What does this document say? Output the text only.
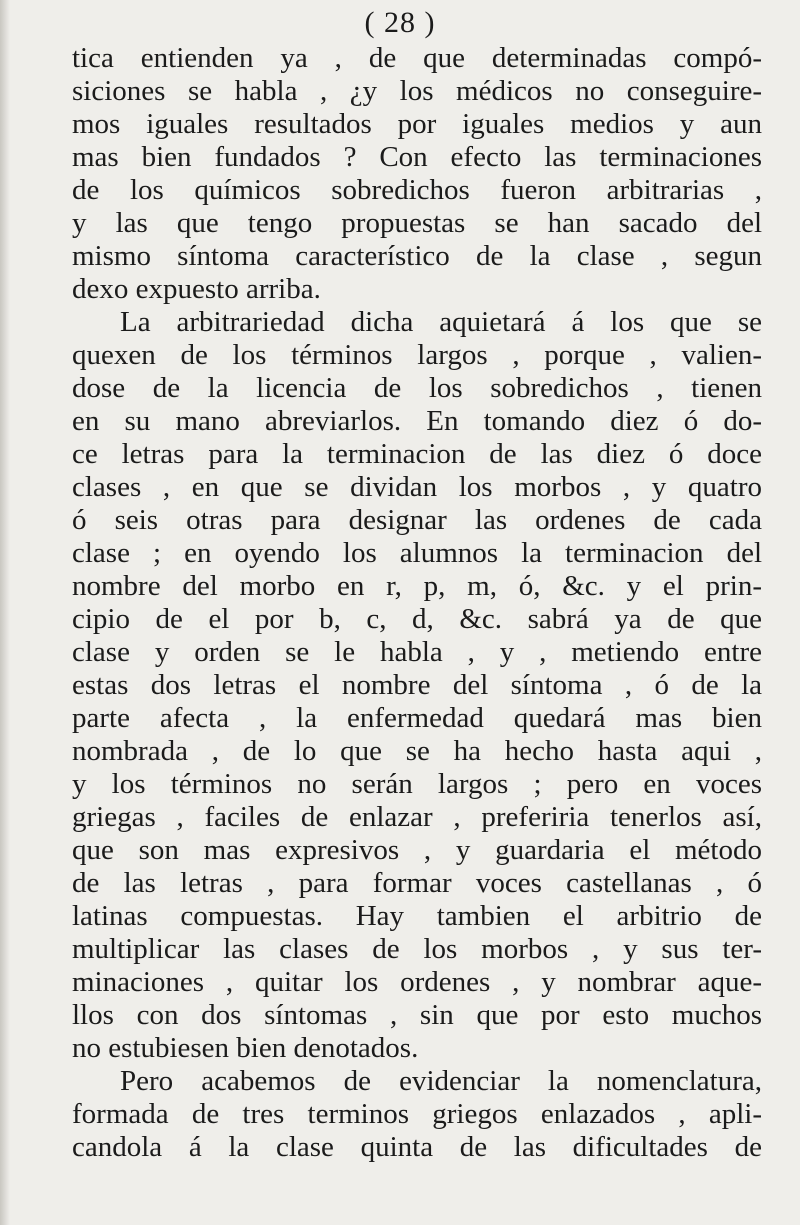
( 28 )
tica entienden ya , de que determinadas compó-
siciones se habla , ¿y los médicos no conseguire-
mos iguales resultados por iguales medios y aun
mas bien fundados ? Con efecto las terminaciones
de los químicos sobredichos fueron arbitrarias ,
y las que tengo propuestas se han sacado del
mismo síntoma característico de la clase , segun
dexo expuesto arriba.
La arbitrariedad dicha aquietará á los que se
quexen de los términos largos , porque , valien-
dose de la licencia de los sobredichos , tienen
en su mano abreviarlos. En tomando diez ó do-
ce letras para la terminacion de las diez ó doce
clases , en que se dividan los morbos , y quatro
ó seis otras para designar las ordenes de cada
clase ; en oyendo los alumnos la terminacion del
nombre del morbo en r, p, m, ó, &c. y el prin-
cipio de el por b, c, d, &c. sabrá ya de que
clase y orden se le habla , y , metiendo entre
estas dos letras el nombre del síntoma , ó de la
parte afecta , la enfermedad quedará mas bien
nombrada , de lo que se ha hecho hasta aqui ,
y los términos no serán largos ; pero en voces
griegas , faciles de enlazar , preferiria tenerlos así,
que son mas expresivos , y guardaria el método
de las letras , para formar voces castellanas , ó
latinas compuestas. Hay tambien el arbitrio de
multiplicar las clases de los morbos , y sus ter-
minaciones , quitar los ordenes , y nombrar aque-
llos con dos síntomas , sin que por esto muchos
no estubiesen bien denotados.
Pero acabemos de evidenciar la nomenclatura,
formada de tres terminos griegos enlazados , apli-
candola á la clase quinta de las dificultades de
